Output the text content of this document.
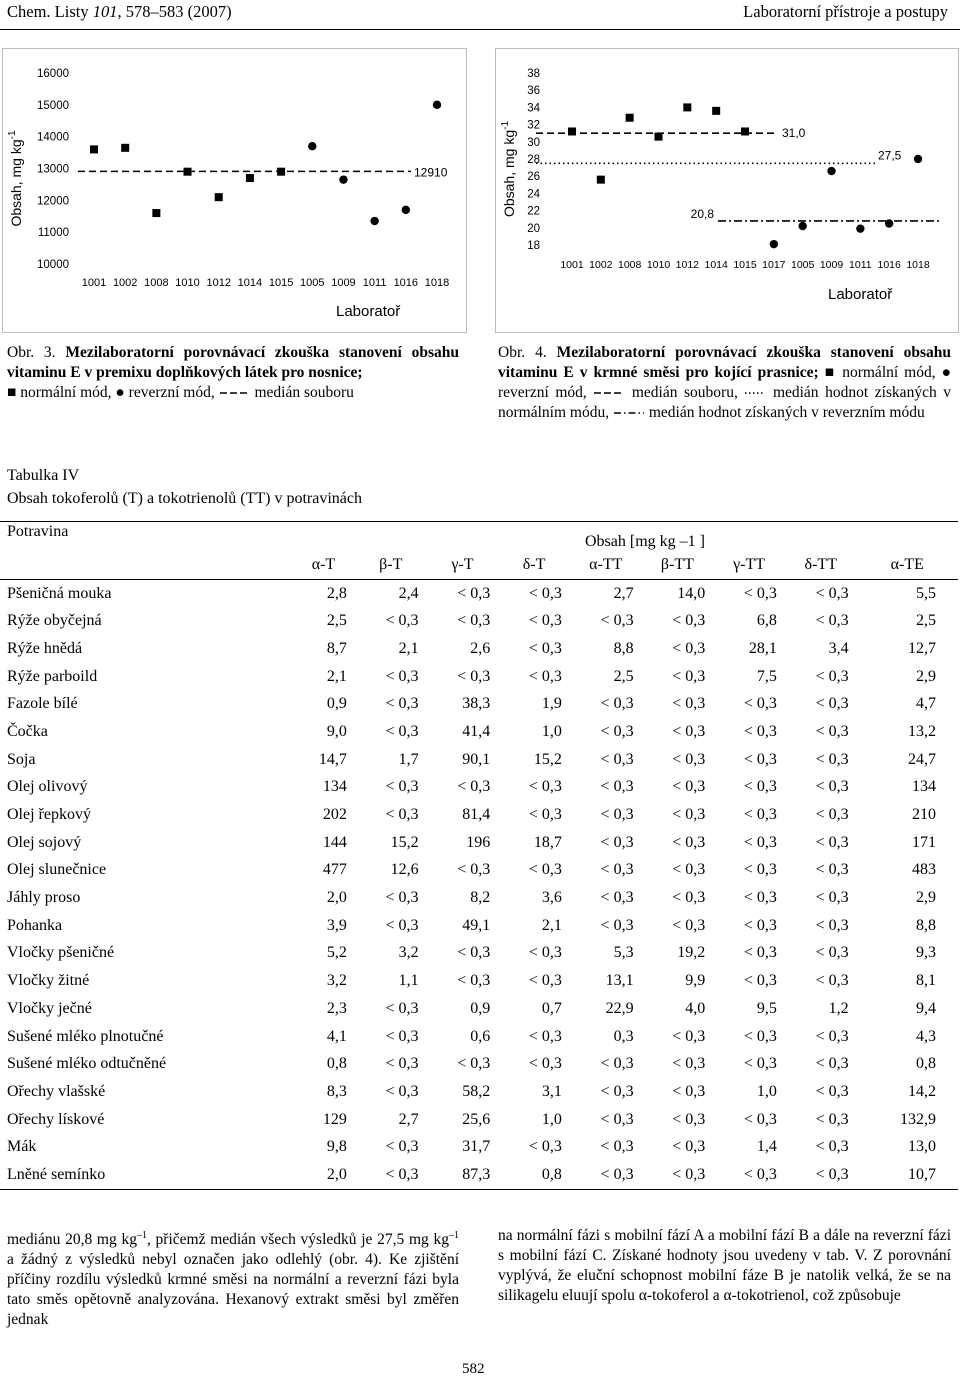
Chem. Listy 101, 578–583 (2007)	Laboratorní přístroje a postupy
Obsah, mg $kg^{-1}$
10000
11000
12000
13000
14000
15000
16000
1001 1002 1008 1010 1012 1014 1015 1005 1009 1011 1016 1018
12910
Laboratoř
Obsah, mg $kg^{-1}$
18
20
22
24
26
28
30
32
34
36
38
1001 1002 1008 1010 1012 1014 1015 1017 1005 1009 1011 1016 1018
31,0
27,5
20,8
Laboratoř
Obr. 3. Mezilaboratorní porovnávací zkouška stanovení obsahu vitaminu E v premixu doplňkových látek pro nosnice;
■ normální mód, ● reverzní mód,	medián souboru
Obr. 4. Mezilaboratorní porovnávací zkouška stanovení obsahu vitaminu E v krmné směsi pro kojící prasnice; ■ normální mód, ● reverzní mód,	medián souboru, medián hodnot získaných v normálním módu,	medián hodnot získaných v reverzním módu
Tabulka IV
Obsah tokoferolů (T) a tokotrienolů (TT) v potravinách
Potravina	Obsah [mg kg –1 ]								
	α-T	β-T	γ-T	δ-T	α-TT	β-TT	γ-TT	δ-TT	α-TE
Pšeničná mouka	2,8	2,4	< 0,3	< 0,3	2,7	14,0	< 0,3	< 0,3	5,5
Rýže obyčejná	2,5	< 0,3	< 0,3	< 0,3	< 0,3	< 0,3	6,8	< 0,3	2,5
Rýže hnědá	8,7	2,1	2,6	< 0,3	8,8	< 0,3	28,1	3,4	12,7
Rýže parboild	2,1	< 0,3	< 0,3	< 0,3	2,5	< 0,3	7,5	< 0,3	2,9
Fazole bílé	0,9	< 0,3	38,3	1,9	< 0,3	< 0,3	< 0,3	< 0,3	4,7
Čočka	9,0	< 0,3	41,4	1,0	< 0,3	< 0,3	< 0,3	< 0,3	13,2
Soja	14,7	1,7	90,1	15,2	< 0,3	< 0,3	< 0,3	< 0,3	24,7
Olej olivový	134	< 0,3	< 0,3	< 0,3	< 0,3	< 0,3	< 0,3	< 0,3	134
Olej řepkový	202	< 0,3	81,4	< 0,3	< 0,3	< 0,3	< 0,3	< 0,3	210
Olej sojový	144	15,2	196	18,7	< 0,3	< 0,3	< 0,3	< 0,3	171
Olej slunečnice	477	12,6	< 0,3	< 0,3	< 0,3	< 0,3	< 0,3	< 0,3	483
Jáhly proso	2,0	< 0,3	8,2	3,6	< 0,3	< 0,3	< 0,3	< 0,3	2,9
Pohanka	3,9	< 0,3	49,1	2,1	< 0,3	< 0,3	< 0,3	< 0,3	8,8
Vločky pšeničné	5,2	3,2	< 0,3	< 0,3	5,3	19,2	< 0,3	< 0,3	9,3
Vločky žitné	3,2	1,1	< 0,3	< 0,3	13,1	9,9	< 0,3	< 0,3	8,1
Vločky ječné	2,3	< 0,3	0,9	0,7	22,9	4,0	9,5	1,2	9,4
Sušené mléko plnotučné	4,1	< 0,3	0,6	< 0,3	0,3	< 0,3	< 0,3	< 0,3	4,3
Sušené mléko odtučněné	0,8	< 0,3	< 0,3	< 0,3	< 0,3	< 0,3	< 0,3	< 0,3	0,8
Ořechy vlašské	8,3	< 0,3	58,2	3,1	< 0,3	< 0,3	1,0	< 0,3	14,2
Ořechy lískové	129	2,7	25,6	1,0	< 0,3	< 0,3	< 0,3	< 0,3	132,9
Mák	9,8	< 0,3	31,7	< 0,3	< 0,3	< 0,3	1,4	< 0,3	13,0
Lněné semínko	2,0	< 0,3	87,3	0,8	< 0,3	< 0,3	< 0,3	< 0,3	10,7
mediánu 20,8 mg $kg^{-1}$, přičemž medián všech výsledků je 27,5 mg $kg^{-1}$ a žádný z výsledků nebyl označen jako odlehlý (obr. 4). Ke zjištění příčiny rozdílu výsledků krmné směsi na normální a reverzní fázi byla tato směs opětovně analyzována. Hexanový extrakt směsi byl změřen jednak
na normální fázi s mobilní fází A a mobilní fází B a dále na reverzní fázi s mobilní fází C. Získané hodnoty jsou uvedeny v tab. V. Z porovnání vyplývá, že eluční schopnost mobilní fáze B je natolik velká, že se na silikagelu eluují spolu α-tokoferol a α-tokotrienol, což způsobuje
582
